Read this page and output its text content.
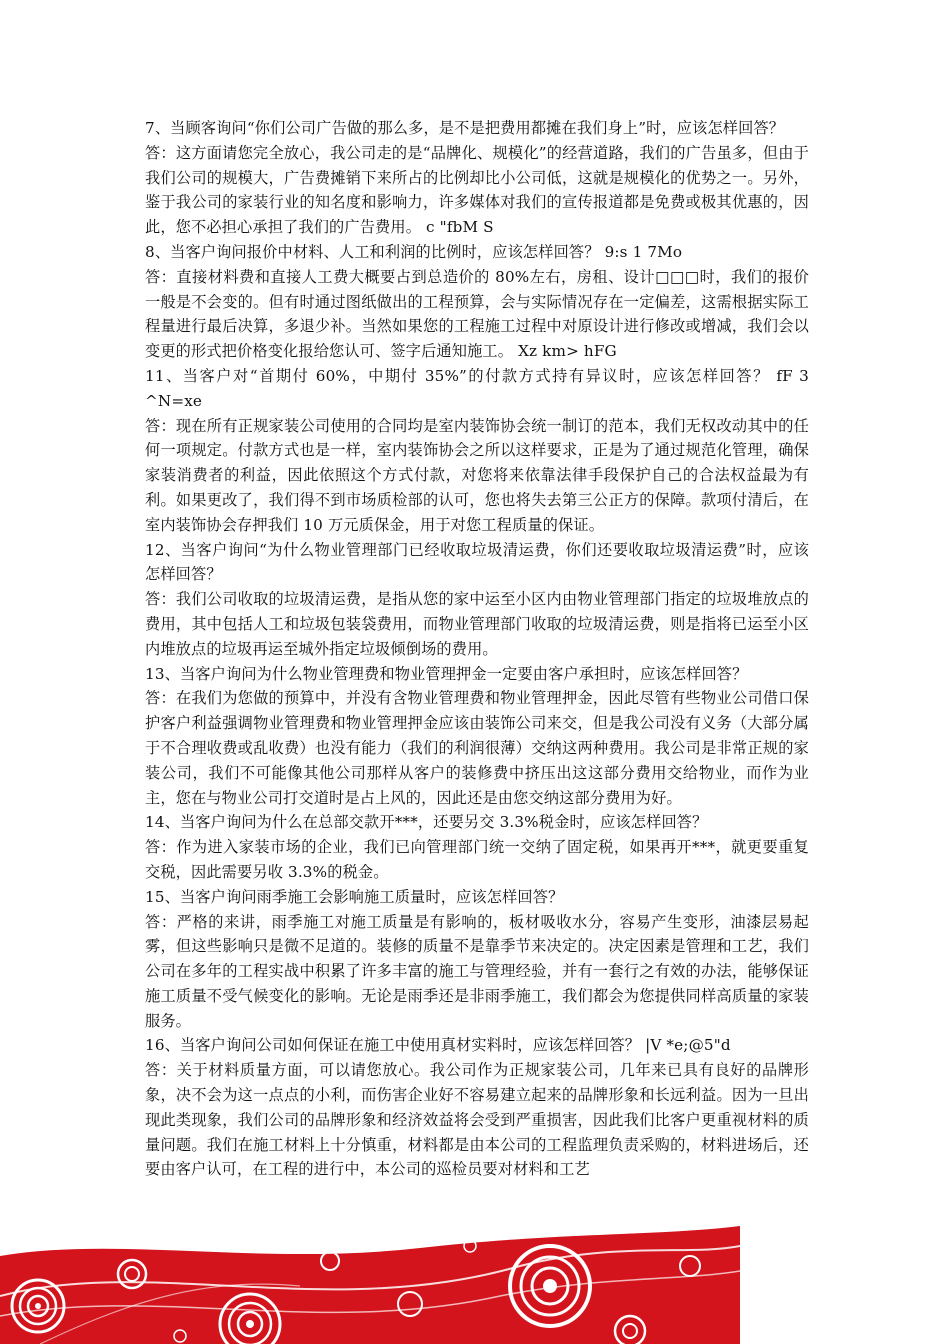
7、当顾客询问“你们公司广告做的那么多，是不是把费用都摊在我们身上”时，应该怎样回答？

答：这方面请您完全放心，我公司走的是“品牌化、规模化”的经营道路，我们的广告虽多，但由于我们公司的规模大，广告费摊销下来所占的比例却比小公司低，这就是规模化的优势之一。另外，鉴于我公司的家装行业的知名度和影响力，许多媒体对我们的宣传报道都是免费或极其优惠的，因此，您不必担心承担了我们的广告费用。 c "fbM S

8、当客户询问报价中材料、人工和利润的比例时，应该怎样回答？ 9:s 1 7Mo

答：直接材料费和直接人工费大概要占到总造价的 80%左右，房租、设计□□□时，我们的报价一般是不会变的。但有时通过图纸做出的工程预算，会与实际情况存在一定偏差，这需根据实际工程量进行最后决算，多退少补。当然如果您的工程施工过程中对原设计进行修改或增减，我们会以变更的形式把价格变化报给您认可、签字后通知施工。 Xz km> hFG

11、当客户对“首期付 60%，中期付 35%”的付款方式持有异议时，应该怎样回答？ fF 3 ^N=xe

答：现在所有正规家装公司使用的合同均是室内装饰协会统一制订的范本，我们无权改动其中的任何一项规定。付款方式也是一样，室内装饰协会之所以这样要求，正是为了通过规范化管理，确保家装消费者的利益，因此依照这个方式付款，对您将来依靠法律手段保护自己的合法权益最为有利。如果更改了，我们得不到市场质检部的认可，您也将失去第三公正方的保障。款项付清后，在室内装饰协会存押我们 10 万元质保金，用于对您工程质量的保证。

12、当客户询问“为什么物业管理部门已经收取垃圾清运费，你们还要收取垃圾清运费”时，应该怎样回答？

答：我们公司收取的垃圾清运费，是指从您的家中运至小区内由物业管理部门指定的垃圾堆放点的费用，其中包括人工和垃圾包装袋费用，而物业管理部门收取的垃圾清运费，则是指将已运至小区内堆放点的垃圾再运至城外指定垃圾倾倒场的费用。

13、当客户询问为什么物业管理费和物业管理押金一定要由客户承担时，应该怎样回答？

答：在我们为您做的预算中，并没有含物业管理费和物业管理押金，因此尽管有些物业公司借口保护客户利益强调物业管理费和物业管理押金应该由装饰公司来交，但是我公司没有义务（大部分属于不合理收费或乱收费）也没有能力（我们的利润很薄）交纳这两种费用。我公司是非常正规的家装公司，我们不可能像其他公司那样从客户的装修费中挤压出这这部分费用交给物业，而作为业主，您在与物业公司打交道时是占上风的，因此还是由您交纳这部分费用为好。

14、当客户询问为什么在总部交款开***，还要另交 3.3%税金时，应该怎样回答？

答：作为进入家装市场的企业，我们已向管理部门统一交纳了固定税，如果再开***，就更要重复交税，因此需要另收 3.3%的税金。

15、当客户询问雨季施工会影响施工质量时，应该怎样回答？

答：严格的来讲，雨季施工对施工质量是有影响的，板材吸收水分，容易产生变形，油漆层易起雾，但这些影响只是微不足道的。装修的质量不是靠季节来决定的。决定因素是管理和工艺，我们公司在多年的工程实战中积累了许多丰富的施工与管理经验，并有一套行之有效的办法，能够保证施工质量不受气候变化的影响。无论是雨季还是非雨季施工，我们都会为您提供同样高质量的家装服务。

16、当客户询问公司如何保证在施工中使用真材实料时，应该怎样回答？ |V *e;@5"d

答：关于材料质量方面，可以请您放心。我公司作为正规家装公司，几年来已具有良好的品牌形象，决不会为这一点点的小利，而伤害企业好不容易建立起来的品牌形象和长远利益。因为一旦出现此类现象，我们公司的品牌形象和经济效益将会受到严重损害，因此我们比客户更重视材料的质量问题。我们在施工材料上十分慎重，材料都是由本公司的工程监理负责采购的，材料进场后，还要由客户认可，在工程的进行中，本公司的巡检员要对材料和工艺
